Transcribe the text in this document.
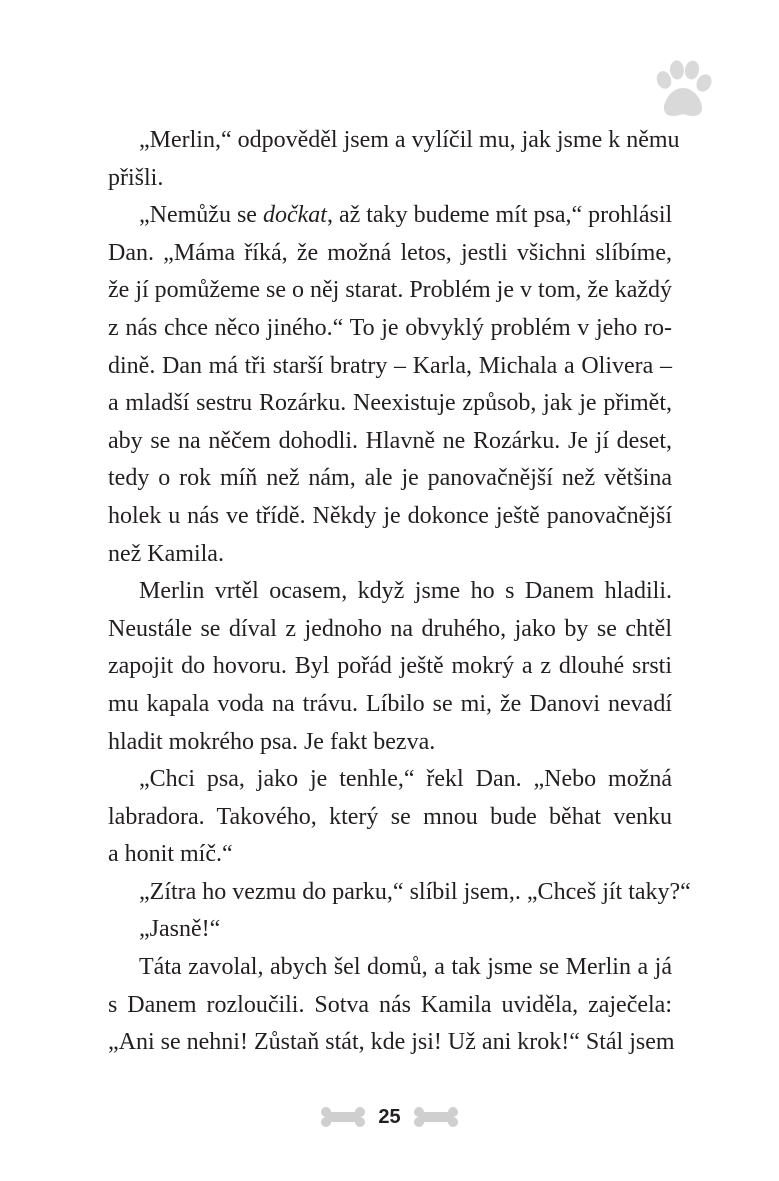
„Merlin,“ odpověděl jsem a vylíčil mu, jak jsme k němu
přišli.

„Nemůžu se dočkat, až taky budeme mít psa,“ prohlásil
Dan. „Máma říká, že možná letos, jestli všichni slíbíme,
že jí pomůžeme se o něj starat. Problém je v tom, že každý
z nás chce něco jiného.“ To je obvyklý problém v jeho ro-
dině. Dan má tři starší bratry – Karla, Michala a Olivera –
a mladší sestru Rozárku. Neexistuje způsob, jak je přimět,
aby se na něčem dohodli. Hlavně ne Rozárku. Je jí deset,
tedy o rok míň než nám, ale je panovačnější než většina
holek u nás ve třídě. Někdy je dokonce ještě panovačnější
než Kamila.

Merlin vrtěl ocasem, když jsme ho s Danem hladili.
Neustále se díval z jednoho na druhého, jako by se chtěl
zapojit do hovoru. Byl pořád ještě mokrý a z dlouhé srsti
mu kapala voda na trávu. Líbilo se mi, že Danovi nevadí
hladit mokrého psa. Je fakt bezva.

„Chci psa, jako je tenhle,“ řekl Dan. „Nebo možná
labradora. Takového, který se mnou bude běhat venku
a honit míč.“

„Zítra ho vezmu do parku,“ slíbil jsem,. „Chceš jít taky?“

„Jasně!“

Táta zavolal, abych šel domů, a tak jsme se Merlin a já
s Danem rozloučili. Sotva nás Kamila uviděla, zaječela:
„Ani se nehni! Zůstaň stát, kde jsi! Už ani krok!“ Stál jsem

25
